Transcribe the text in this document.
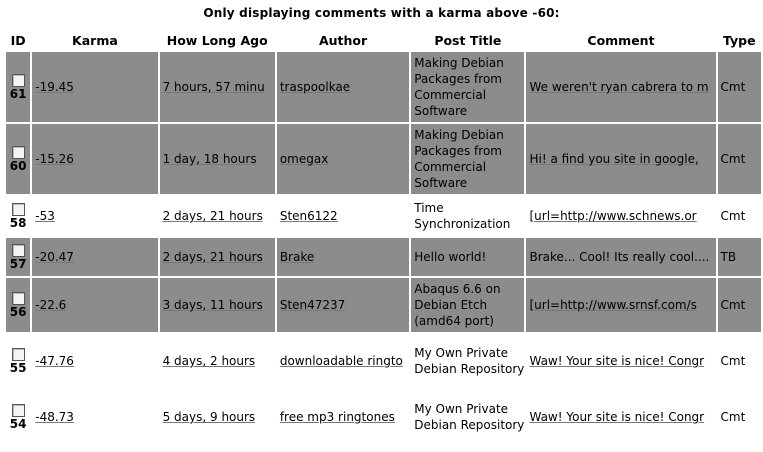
Only displaying comments with a karma above -60:
ID	Karma	How Long Ago	Author	Post Title	Comment	Type

61	-19.45	7 hours, 57 minu	traspoolkae	Making Debian Packages from Commercial Software	We weren't ryan cabrera to m	Cmt

60	-15.26	1 day, 18 hours	omegax	Making Debian Packages from Commercial Software	Hi! a find you site in google,	Cmt

58	-53	2 days, 21 hours	Sten6122	Time Synchronization	[url=http://www.schnews.or	Cmt

57	-20.47	2 days, 21 hours	Brake	Hello world!	Brake... Cool! Its really cool....	TB

56	-22.6	3 days, 11 hours	Sten47237	Abaqus 6.6 on Debian Etch (amd64 port)	[url=http://www.srnsf.com/s	Cmt

55	-47.76	4 days, 2 hours	downloadable ringto	My Own Private Debian Repository	Waw! Your site is nice! Congr	Cmt

54	-48.73	5 days, 9 hours	free mp3 ringtones	My Own Private Debian Repository	Waw! Your site is nice! Congr	Cmt
